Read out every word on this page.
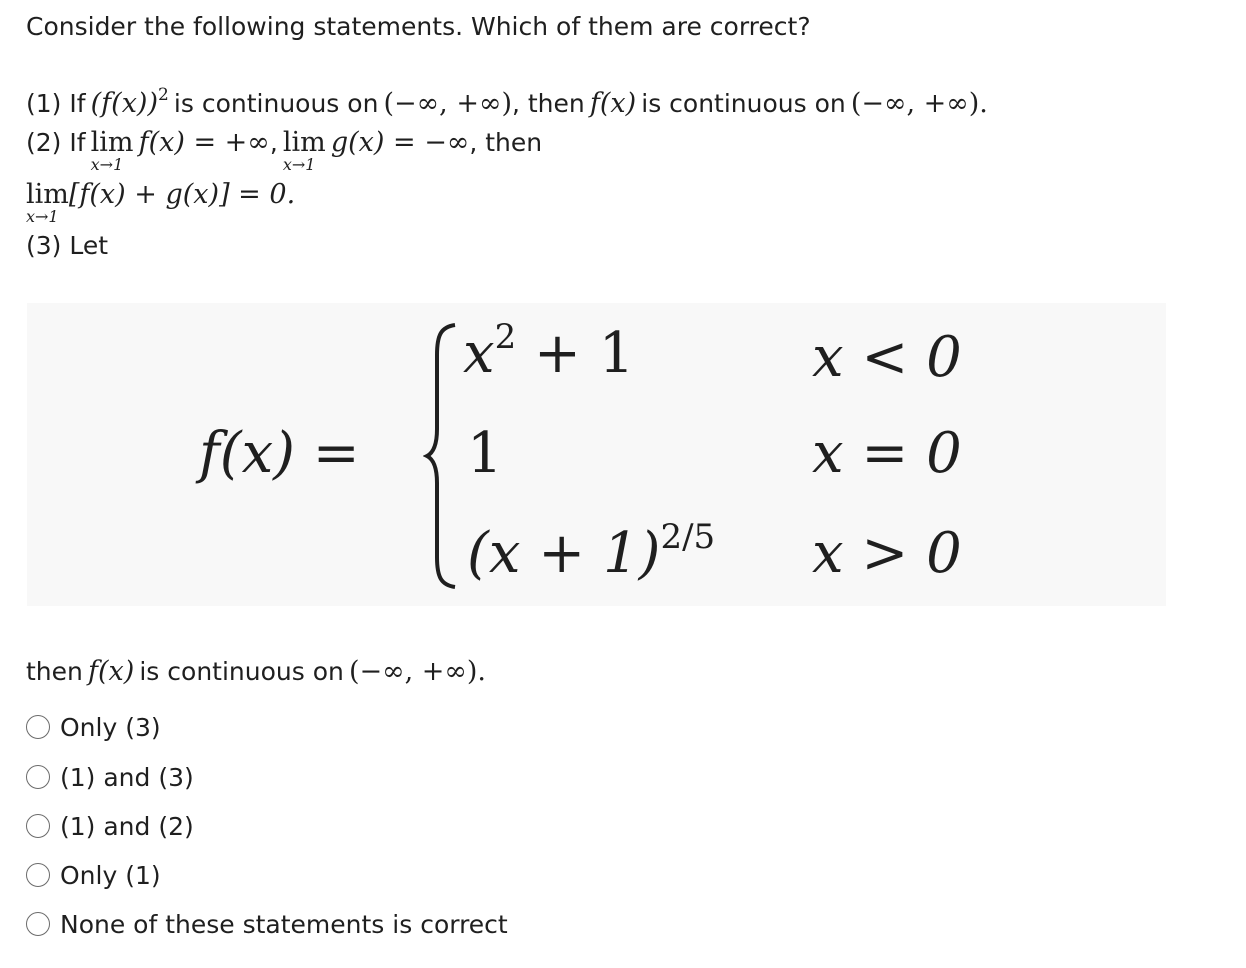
Consider the following statements. Which of them are correct?
(1) If (f(x))2 is continuous on (−∞, +∞), then f(x) is continuous on (−∞, +∞).
(2) If lim
x→1
f(x) = +∞, lim
x→1
g(x) = −∞, then
lim
x→1
[f(x) + g(x)] = 0.
(3) Let
f(x) =
x2 + 1	x < 0
1	x = 0
(x + 1)2/5 x > 0
then f(x) is continuous on (−∞, +∞).
Only (3)
(1) and (3)
(1) and (2)
Only (1)
None of these statements is correct
